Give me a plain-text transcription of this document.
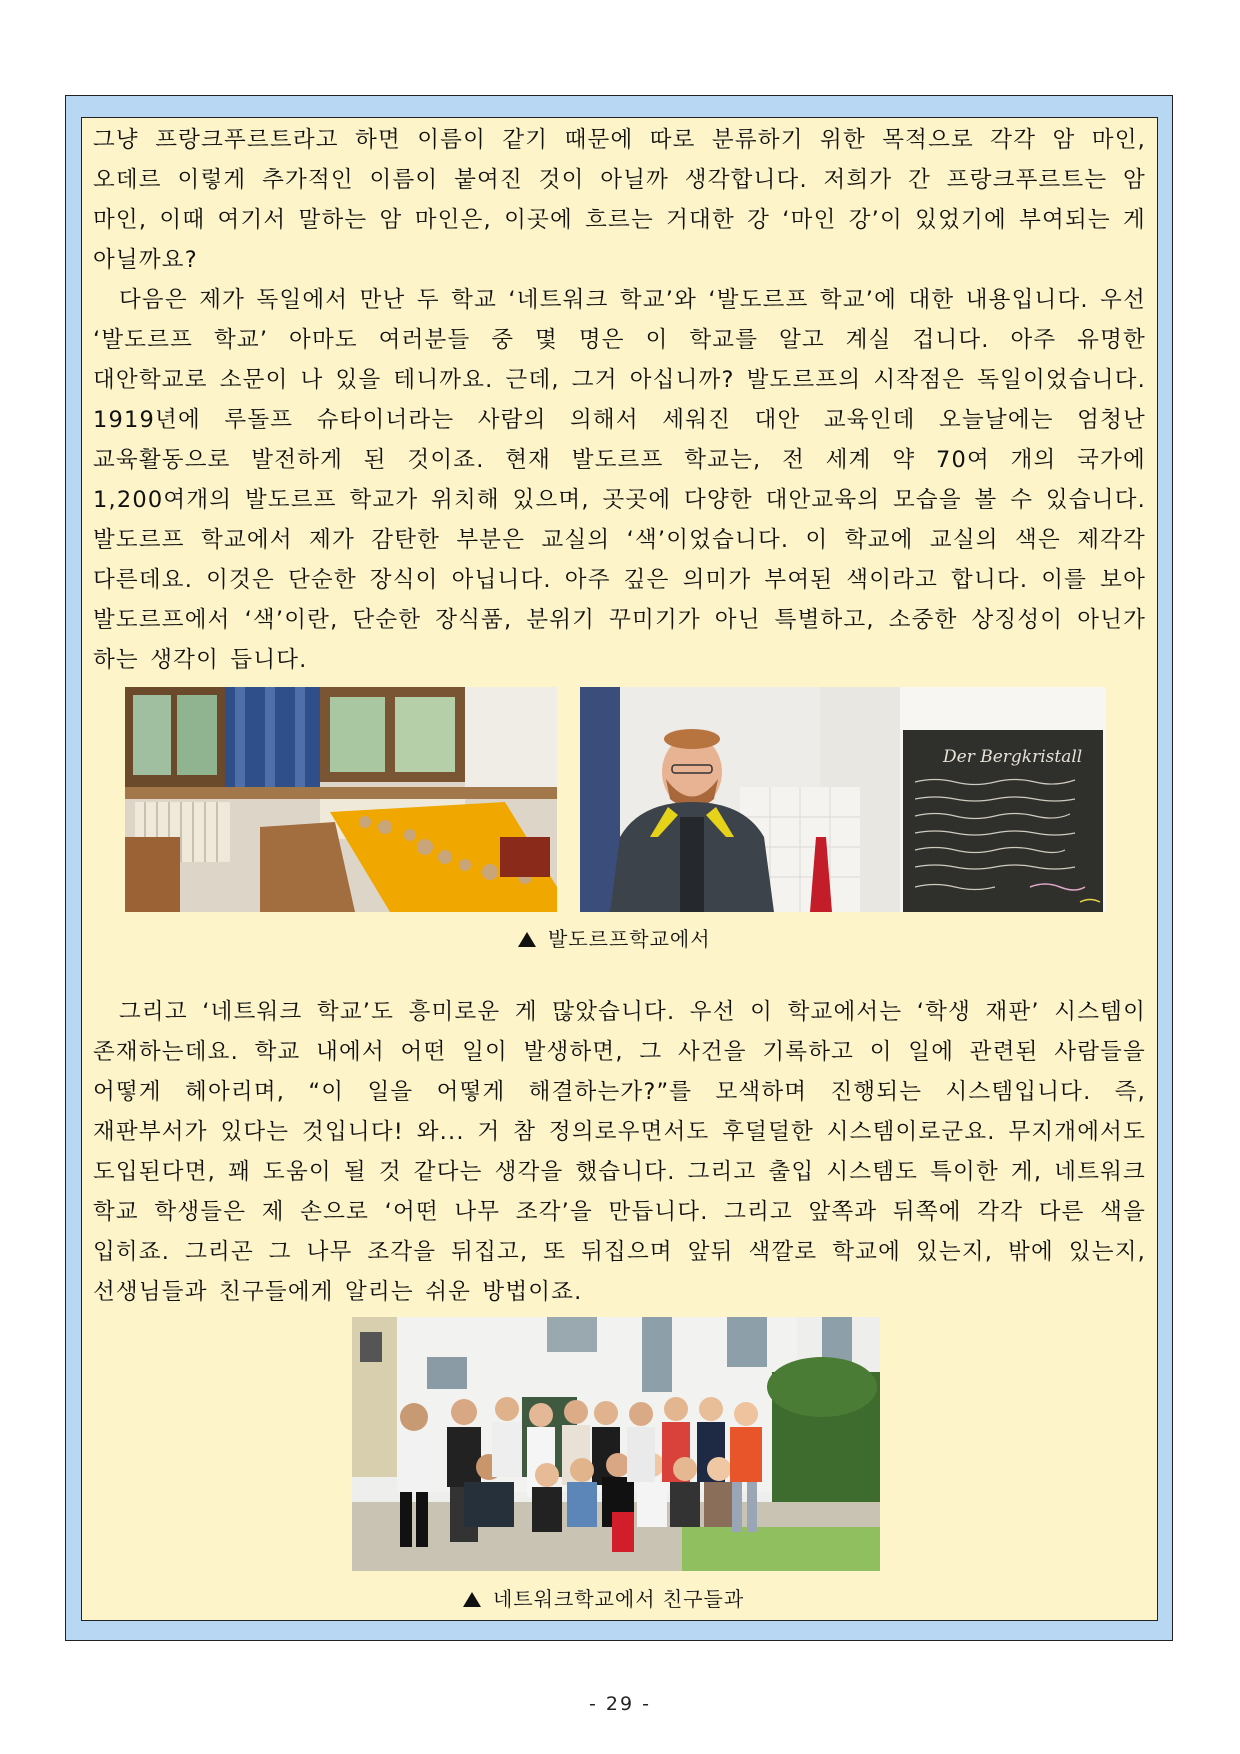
그냥 프랑크푸르트라고 하면 이름이 같기 때문에 따로 분류하기 위한 목적으로 각각 암 마인, 오데르 이렇게 추가적인 이름이 붙여진 것이 아닐까 생각합니다. 저희가 간 프랑크푸르트는 암 마인, 이때 여기서 말하는 암 마인은, 이곳에 흐르는 거대한 강 ‘마인 강’이 있었기에 부여되는 게 아닐까요?

다음은 제가 독일에서 만난 두 학교 ‘네트워크 학교’와 ‘발도르프 학교’에 대한 내용입니다. 우선 ‘발도르프 학교’ 아마도 여러분들 중 몇 명은 이 학교를 알고 계실 겁니다. 아주 유명한 대안학교로 소문이 나 있을 테니까요. 근데, 그거 아십니까? 발도르프의 시작점은 독일이었습니다. 1919년에 루돌프 슈타이너라는 사람의 의해서 세워진 대안 교육인데 오늘날에는 엄청난 교육활동으로 발전하게 된 것이죠. 현재 발도르프 학교는, 전 세계 약 70여 개의 국가에 1,200여개의 발도르프 학교가 위치해 있으며, 곳곳에 다양한 대안교육의 모습을 볼 수 있습니다. 발도르프 학교에서 제가 감탄한 부분은 교실의 ‘색’이었습니다. 이 학교에 교실의 색은 제각각 다른데요. 이것은 단순한 장식이 아닙니다. 아주 깊은 의미가 부여된 색이라고 합니다. 이를 보아 발도르프에서 ‘색’이란, 단순한 장식품, 분위기 꾸미기가 아닌 특별하고, 소중한 상징성이 아닌가 하는 생각이 듭니다.

Der Bergkristall
발도르프학교에서

그리고 ‘네트워크 학교’도 흥미로운 게 많았습니다. 우선 이 학교에서는 ‘학생 재판’ 시스템이 존재하는데요. 학교 내에서 어떤 일이 발생하면, 그 사건을 기록하고 이 일에 관련된 사람들을 어떻게 헤아리며, “이 일을 어떻게 해결하는가?”를 모색하며 진행되는 시스템입니다. 즉, 재판부서가 있다는 것입니다! 와... 거 참 정의로우면서도 후덜덜한 시스템이로군요. 무지개에서도 도입된다면, 꽤 도움이 될 것 같다는 생각을 했습니다. 그리고 출입 시스템도 특이한 게, 네트워크 학교 학생들은 제 손으로 ‘어떤 나무 조각’을 만듭니다. 그리고 앞쪽과 뒤쪽에 각각 다른 색을 입히죠. 그리곤 그 나무 조각을 뒤집고, 또 뒤집으며 앞뒤 색깔로 학교에 있는지, 밖에 있는지, 선생님들과 친구들에게 알리는 쉬운 방법이죠.

네트워크학교에서 친구들과
- 29 -
